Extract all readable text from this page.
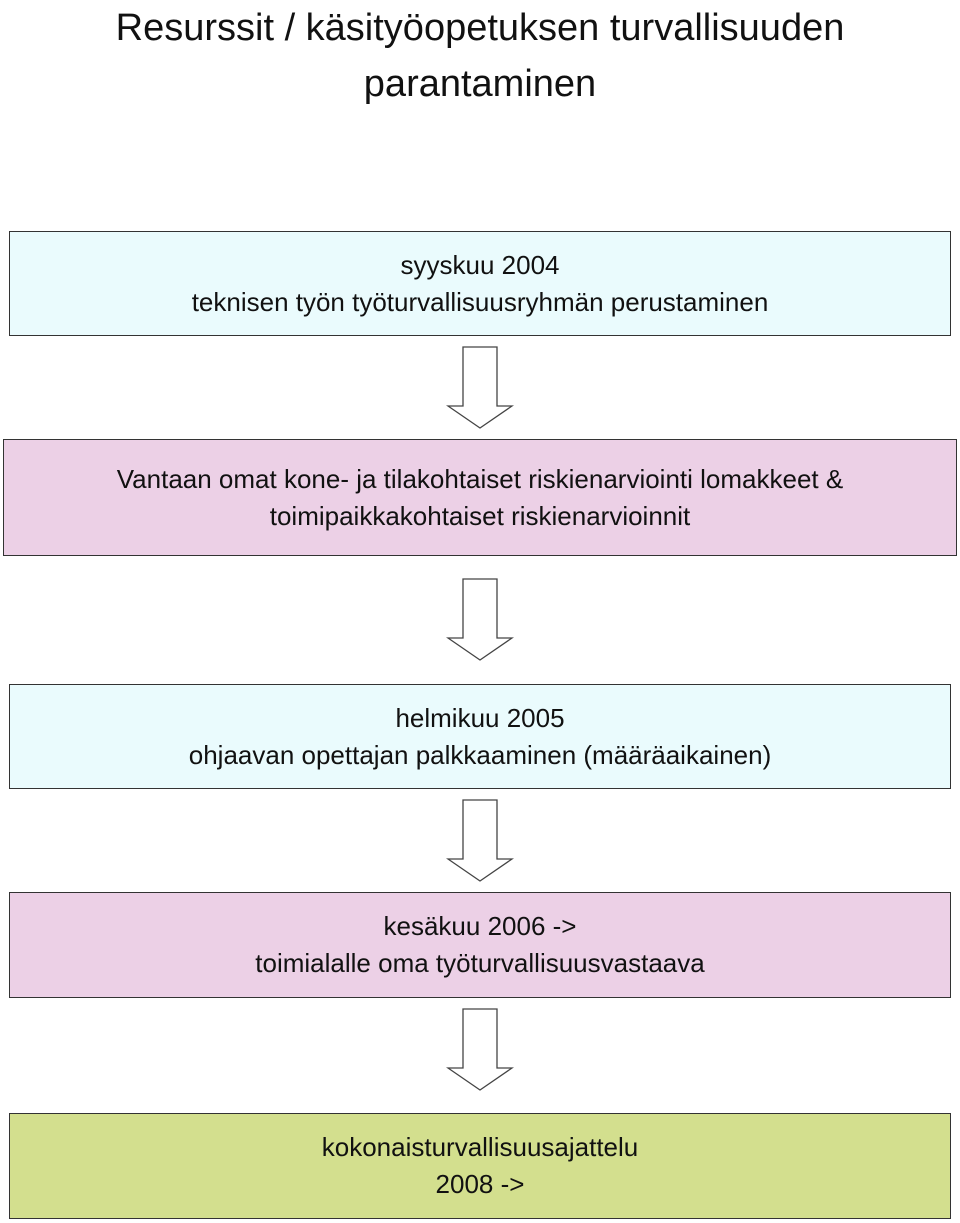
Resurssit / käsityöopetuksen turvallisuuden
parantaminen
syyskuu 2004
teknisen työn työturvallisuusryhmän perustaminen
Vantaan omat kone- ja tilakohtaiset riskienarviointi lomakkeet &
toimipaikkakohtaiset riskienarvioinnit
helmikuu 2005
ohjaavan opettajan palkkaaminen (määräaikainen)
kesäkuu 2006 ->
toimialalle oma työturvallisuusvastaava
kokonaisturvallisuusajattelu
2008 ->
